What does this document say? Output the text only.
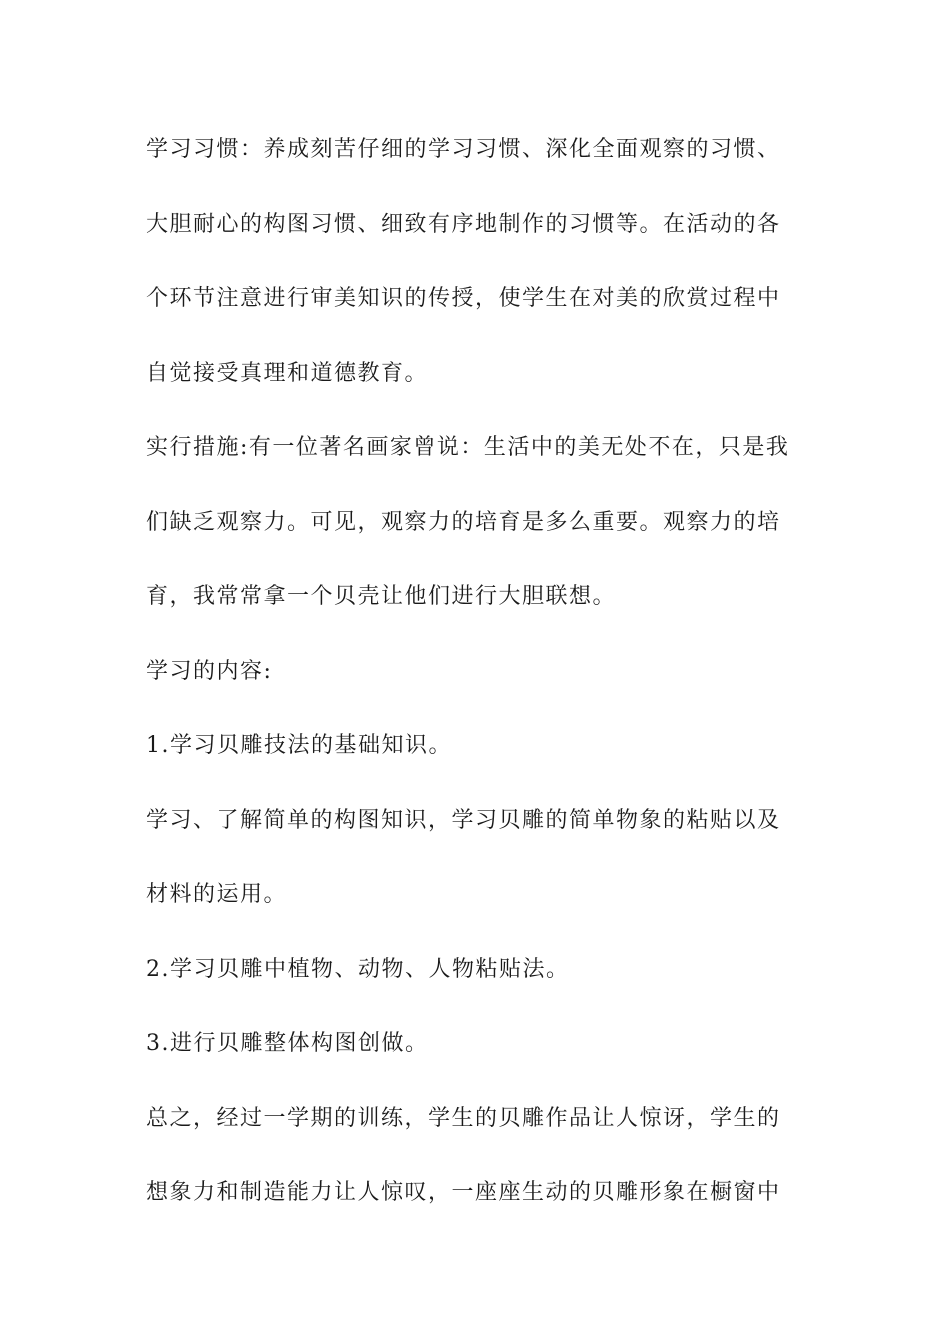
学习习惯：养成刻苦仔细的学习习惯、深化全面观察的习惯、
大胆耐心的构图习惯、细致有序地制作的习惯等。在活动的各
个环节注意进行审美知识的传授，使学生在对美的欣赏过程中
自觉接受真理和道德教育。
实行措施:有一位著名画家曾说：生活中的美无处不在，只是我
们缺乏观察力。可见，观察力的培育是多么重要。观察力的培
育，我常常拿一个贝壳让他们进行大胆联想。
学习的内容:
1.学习贝雕技法的基础知识。
学习、了解简单的构图知识，学习贝雕的简单物象的粘贴以及
材料的运用。
2.学习贝雕中植物、动物、人物粘贴法。
3.进行贝雕整体构图创做。
总之，经过一学期的训练，学生的贝雕作品让人惊讶，学生的
想象力和制造能力让人惊叹，一座座生动的贝雕形象在橱窗中
